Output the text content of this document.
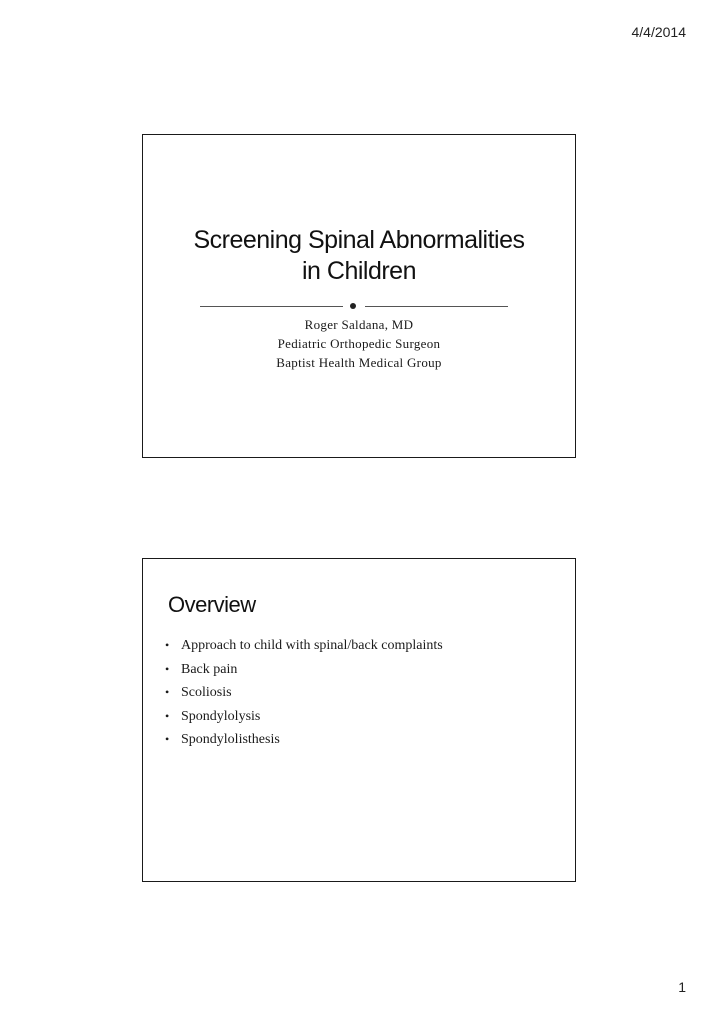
4/4/2014
Screening Spinal Abnormalities
in Children
Roger Saldana, MD
Pediatric Orthopedic Surgeon
Baptist Health Medical Group
Overview
• Approach to child with spinal/back complaints
• Back pain
• Scoliosis
• Spondylolysis
• Spondylolisthesis
1
